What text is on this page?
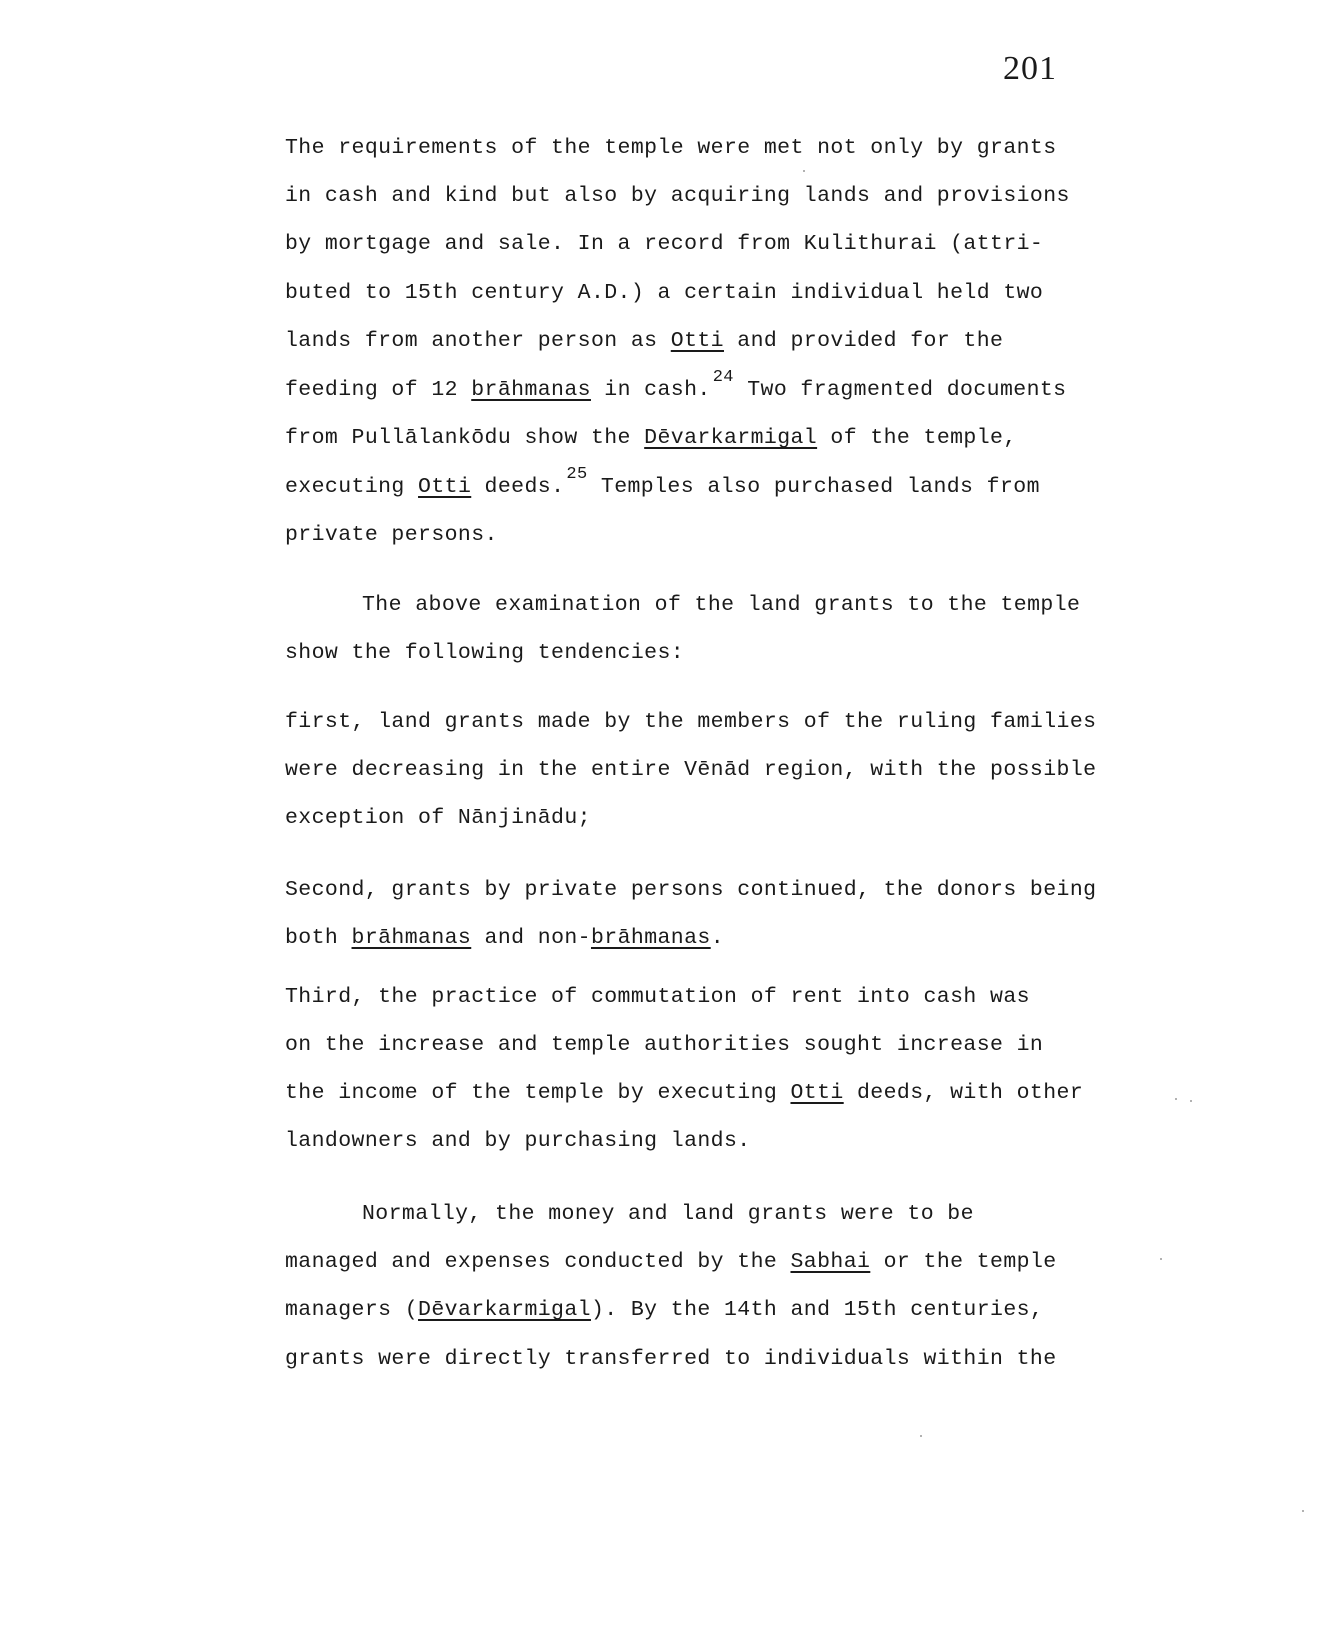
201
The requirements of the temple were met not only by grants
in cash and kind but also by acquiring lands and provisions
by mortgage and sale. In a record from Kulithurai (attri-
buted to 15th century A.D.) a certain individual held two
lands from another person as Otti and provided for the
feeding of 12 brāhmanas in cash.$^{24}$ Two fragmented documents
from Pullālankōdu show the Dēvarkarmigal of the temple,
executing Otti deeds.$^{25}$ Temples also purchased lands from
private persons.
The above examination of the land grants to the temple
show the following tendencies:
first, land grants made by the members of the ruling families
were decreasing in the entire Vēnād region, with the possible
exception of Nānjinādu;
Second, grants by private persons continued, the donors being
both brāhmanas and non-brāhmanas.
Third, the practice of commutation of rent into cash was
on the increase and temple authorities sought increase in
the income of the temple by executing Otti deeds, with other
landowners and by purchasing lands.
Normally, the money and land grants were to be
managed and expenses conducted by the Sabhai or the temple
managers (Dēvarkarmigal). By the 14th and 15th centuries,
grants were directly transferred to individuals within the
